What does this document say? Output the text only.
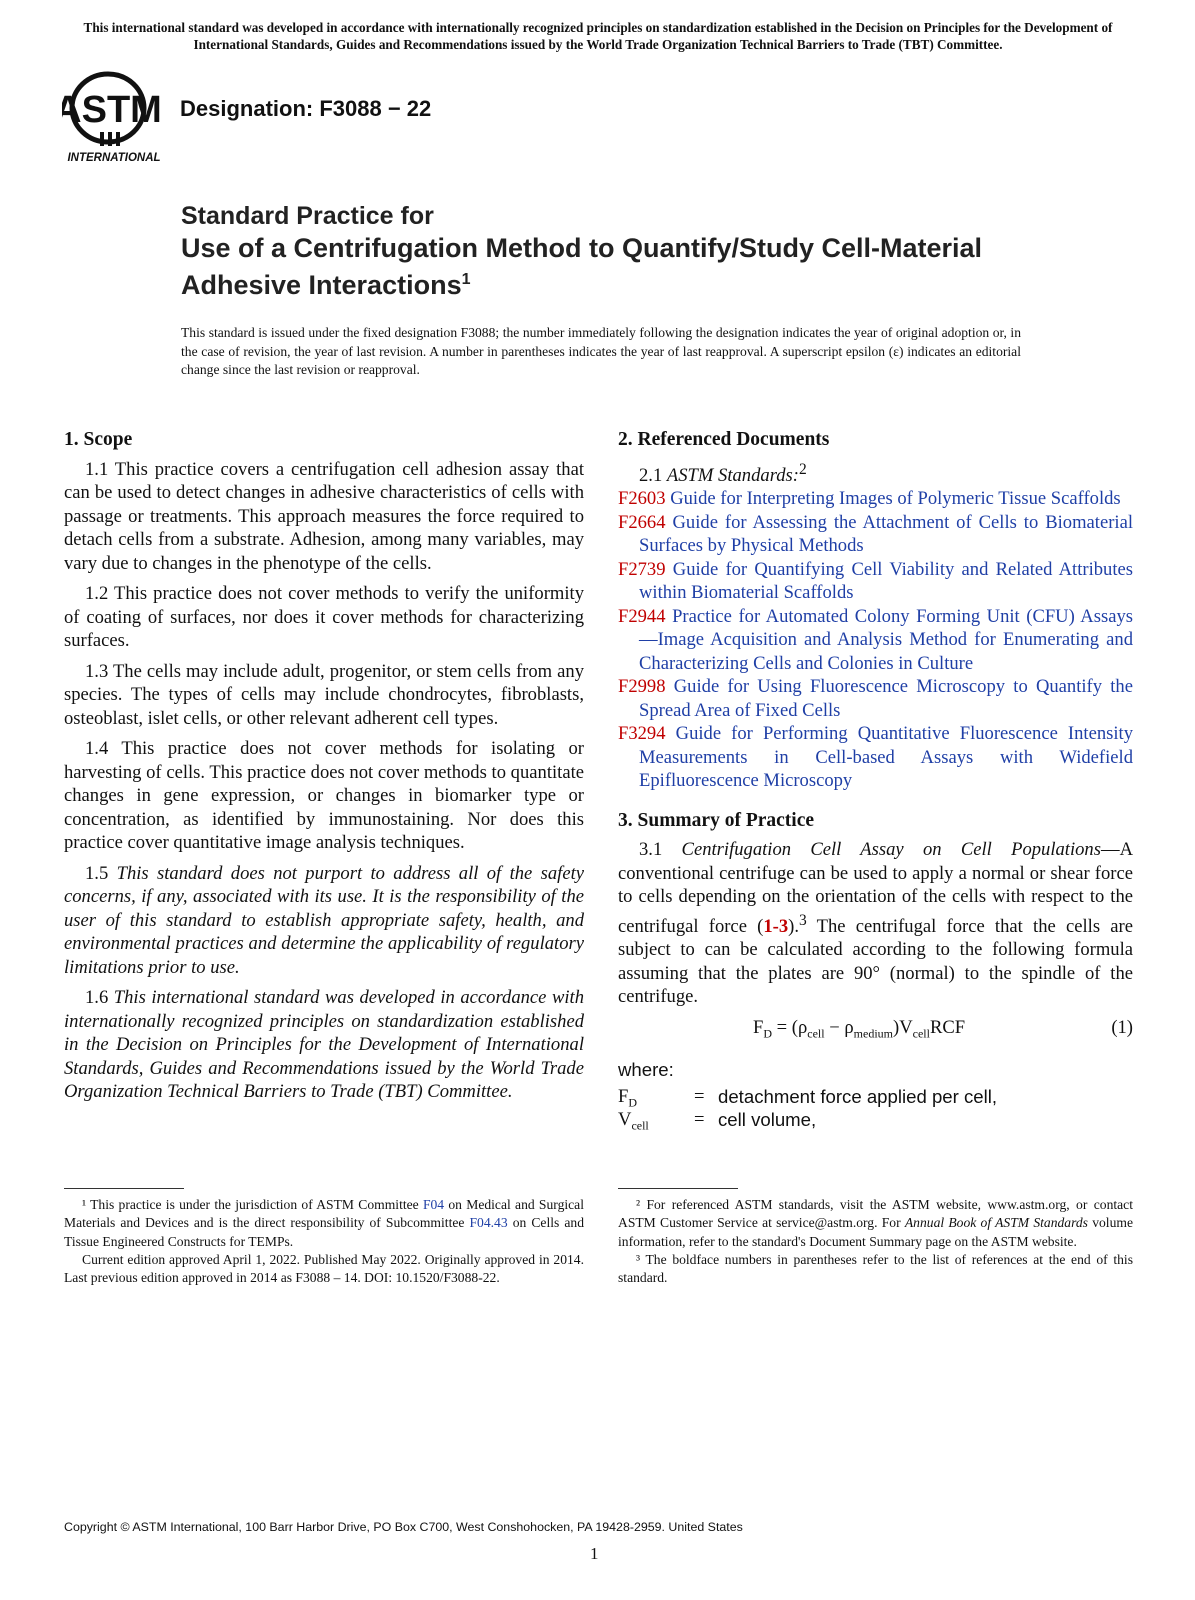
This international standard was developed in accordance with internationally recognized principles on standardization established in the Decision on Principles for the Development of International Standards, Guides and Recommendations issued by the World Trade Organization Technical Barriers to Trade (TBT) Committee.
ASTM
INTERNATIONAL
Designation: F3088 − 22
Standard Practice for
Use of a Centrifugation Method to Quantify/Study Cell-Material Adhesive Interactions$^1$
This standard is issued under the fixed designation F3088; the number immediately following the designation indicates the year of original adoption or, in the case of revision, the year of last revision. A number in parentheses indicates the year of last reapproval. A superscript epsilon (ε) indicates an editorial change since the last revision or reapproval.
1. Scope

1.1 This practice covers a centrifugation cell adhesion assay that can be used to detect changes in adhesive characteristics of cells with passage or treatments. This approach measures the force required to detach cells from a substrate. Adhesion, among many variables, may vary due to changes in the phenotype of the cells.

1.2 This practice does not cover methods to verify the uniformity of coating of surfaces, nor does it cover methods for characterizing surfaces.

1.3 The cells may include adult, progenitor, or stem cells from any species. The types of cells may include chondrocytes, fibroblasts, osteoblast, islet cells, or other relevant adherent cell types.

1.4 This practice does not cover methods for isolating or harvesting of cells. This practice does not cover methods to quantitate changes in gene expression, or changes in biomarker type or concentration, as identified by immunostaining. Nor does this practice cover quantitative image analysis techniques.

1.5 This standard does not purport to address all of the safety concerns, if any, associated with its use. It is the responsibility of the user of this standard to establish appropriate safety, health, and environmental practices and determine the applicability of regulatory limitations prior to use.

1.6 This international standard was developed in accordance with internationally recognized principles on standardization established in the Decision on Principles for the Development of International Standards, Guides and Recommendations issued by the World Trade Organization Technical Barriers to Trade (TBT) Committee.

2. Referenced Documents
2.1 ASTM Standards:$^2$

F2603 Guide for Interpreting Images of Polymeric Tissue Scaffolds

F2664 Guide for Assessing the Attachment of Cells to Biomaterial Surfaces by Physical Methods

F2739 Guide for Quantifying Cell Viability and Related Attributes within Biomaterial Scaffolds

F2944 Practice for Automated Colony Forming Unit (CFU) Assays—Image Acquisition and Analysis Method for Enumerating and Characterizing Cells and Colonies in Culture

F2998 Guide for Using Fluorescence Microscopy to Quantify the Spread Area of Fixed Cells

F3294 Guide for Performing Quantitative Fluorescence Intensity Measurements in Cell-based Assays with Widefield Epifluorescence Microscopy

3. Summary of Practice

3.1 Centrifugation Cell Assay on Cell Populations—A conventional centrifuge can be used to apply a normal or shear force to cells depending on the orientation of the cells with respect to the centrifugal force (1-3).$^3$ The centrifugal force that the cells are subject to can be calculated according to the following formula assuming that the plates are 90° (normal) to the spindle of the centrifuge.

$F_D = (\rho_{cell} - \rho_{medium})V_{cell}RCF$	(1)
where:
$F_D$	= detachment force applied per cell,
$V_{cell}$ = cell volume,

¹ This practice is under the jurisdiction of ASTM Committee F04 on Medical and Surgical Materials and Devices and is the direct responsibility of Subcommittee F04.43 on Cells and Tissue Engineered Constructs for TEMPs.

Current edition approved April 1, 2022. Published May 2022. Originally approved in 2014. Last previous edition approved in 2014 as F3088 – 14. DOI: 10.1520/F3088-22.

² For referenced ASTM standards, visit the ASTM website, www.astm.org, or contact ASTM Customer Service at service@astm.org. For Annual Book of ASTM Standards volume information, refer to the standard's Document Summary page on the ASTM website.

³ The boldface numbers in parentheses refer to the list of references at the end of this standard.

Copyright © ASTM International, 100 Barr Harbor Drive, PO Box C700, West Conshohocken, PA 19428-2959. United States
1
